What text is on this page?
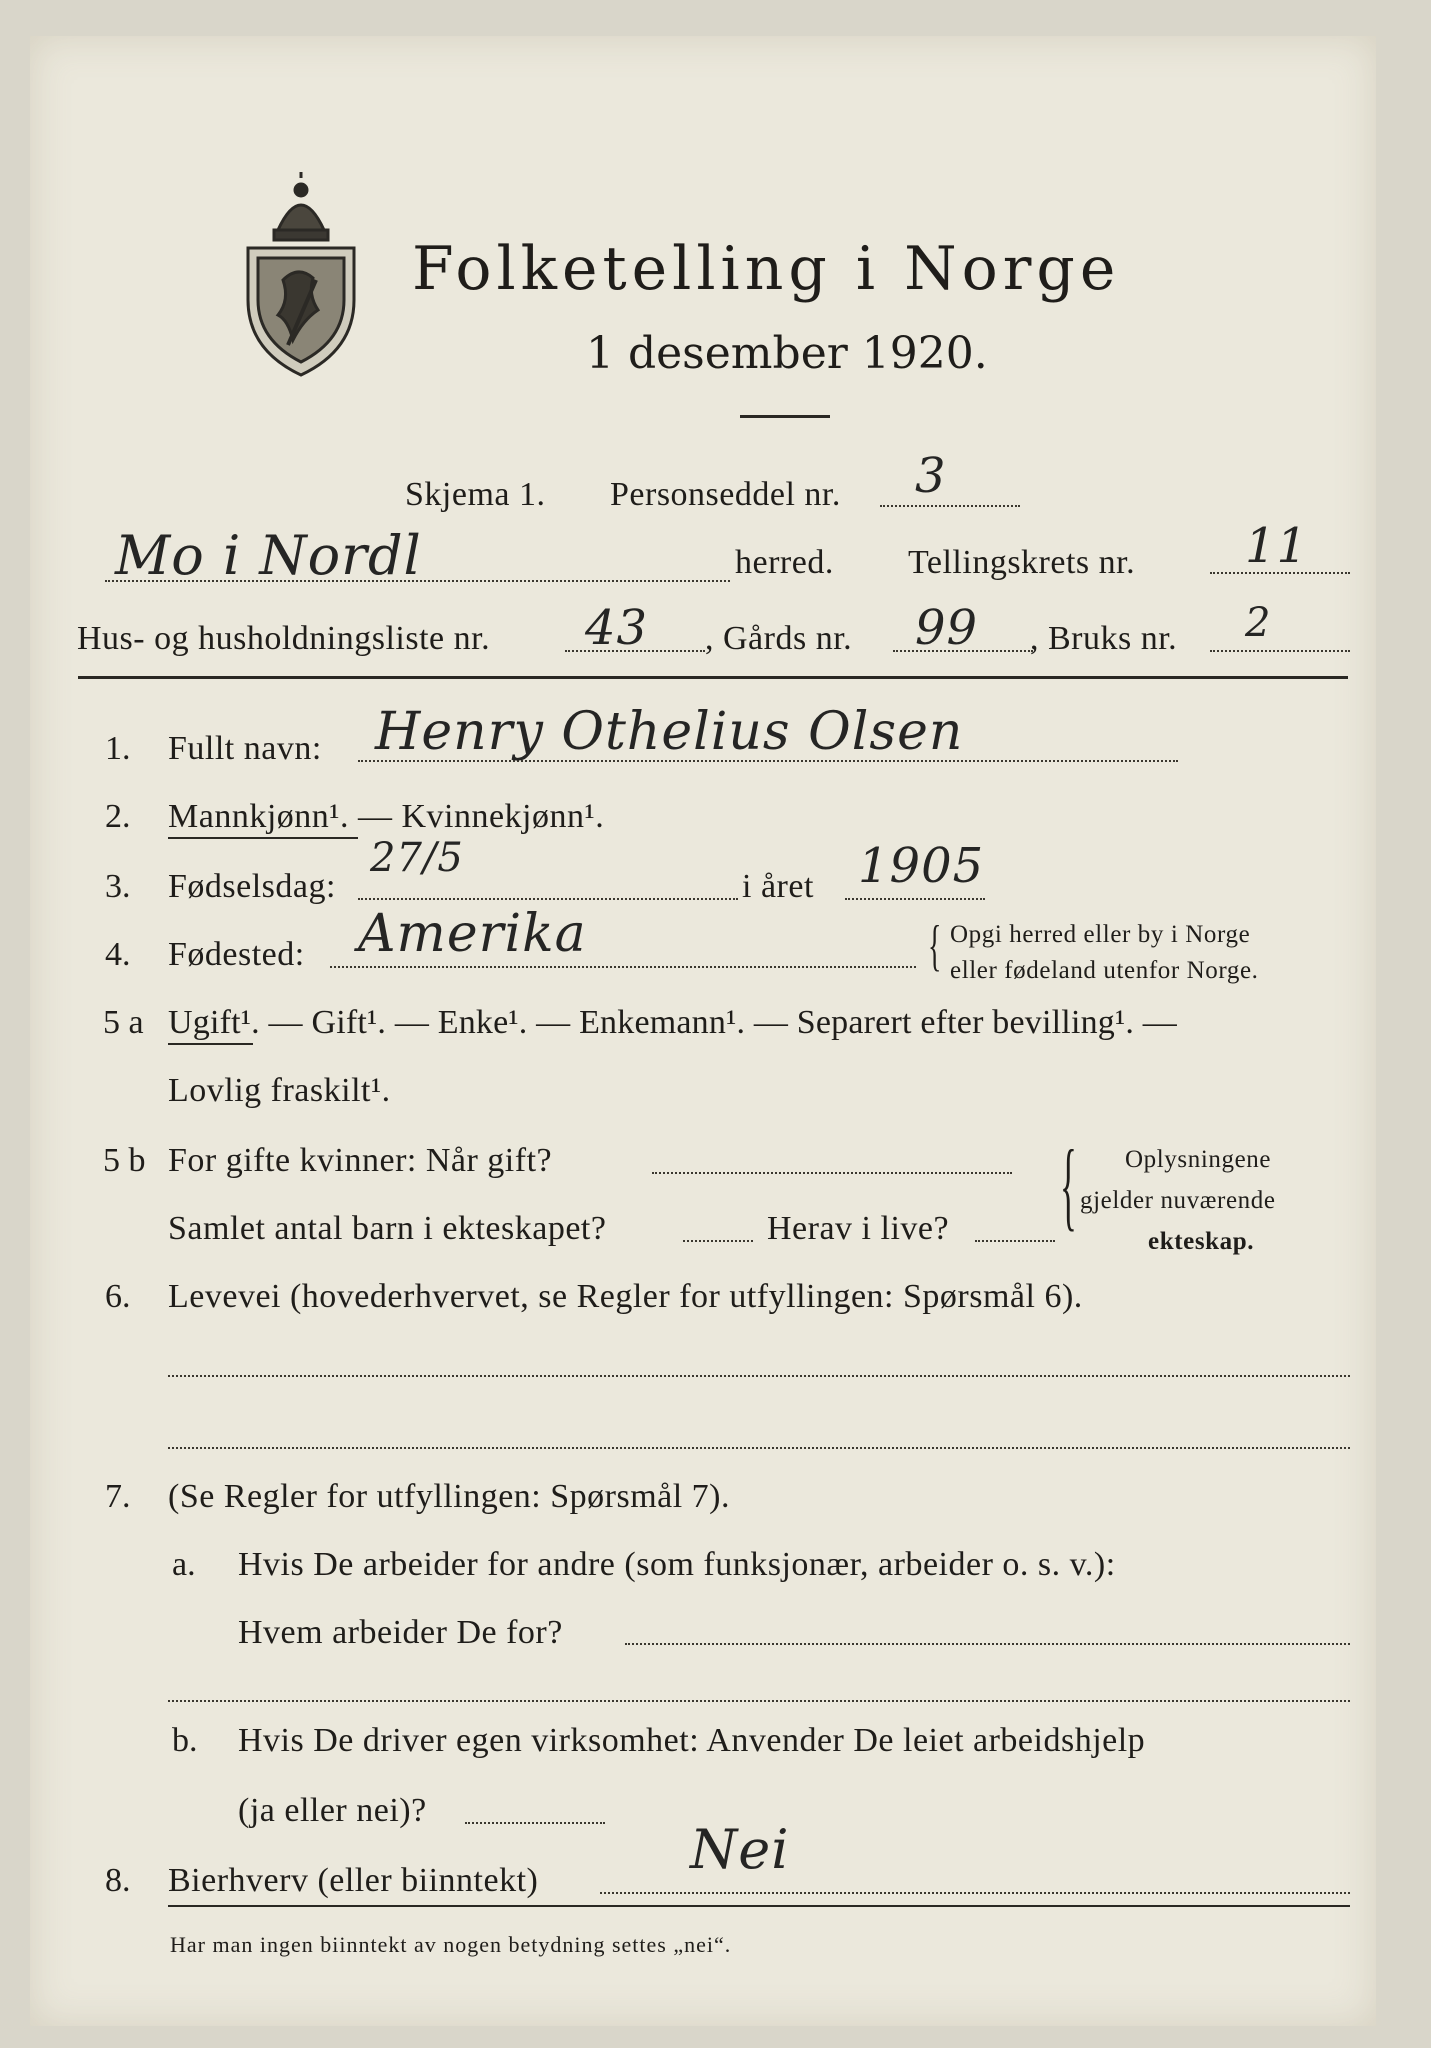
Folketelling i Norge
1 desember 1920.
Skjema 1. Personseddel nr. 3
Mo i Nordl	herred. Tellingskrets nr. 11
Hus- og husholdningsliste nr. 43 , Gårds nr. 99 , Bruks nr. 2
1. Fullt navn: Henry Othelius Olsen
2. Mannkjønn¹. — Kvinnekjønn¹.
3. Fødselsdag:
27/5
i året 1905
4. Fødested: Amerika	{ Opgi herred eller by i Norge
eller fødeland utenfor Norge.
5 a Ugift¹. — Gift¹. — Enke¹. — Enkemann¹. — Separert efter bevilling¹. —
Lovlig fraskilt¹.
5 b For gifte kvinner: Når gift?
Samlet antal barn i ekteskapet?	Herav i live? { Oplysningene
gjelder nuværende
ekteskap.
6. Levevei (hovederhvervet, se Regler for utfyllingen: Spørsmål 6).
7. (Se Regler for utfyllingen: Spørsmål 7).
a. Hvis De arbeider for andre (som funksjonær, arbeider o. s. v.):
Hvem arbeider De for?
b. Hvis De driver egen virksomhet: Anvender De leiet arbeidshjelp
(ja eller nei)?
8. Bierhverv (eller biinntekt)	Nei
Har man ingen biinntekt av nogen betydning settes „nei“.
